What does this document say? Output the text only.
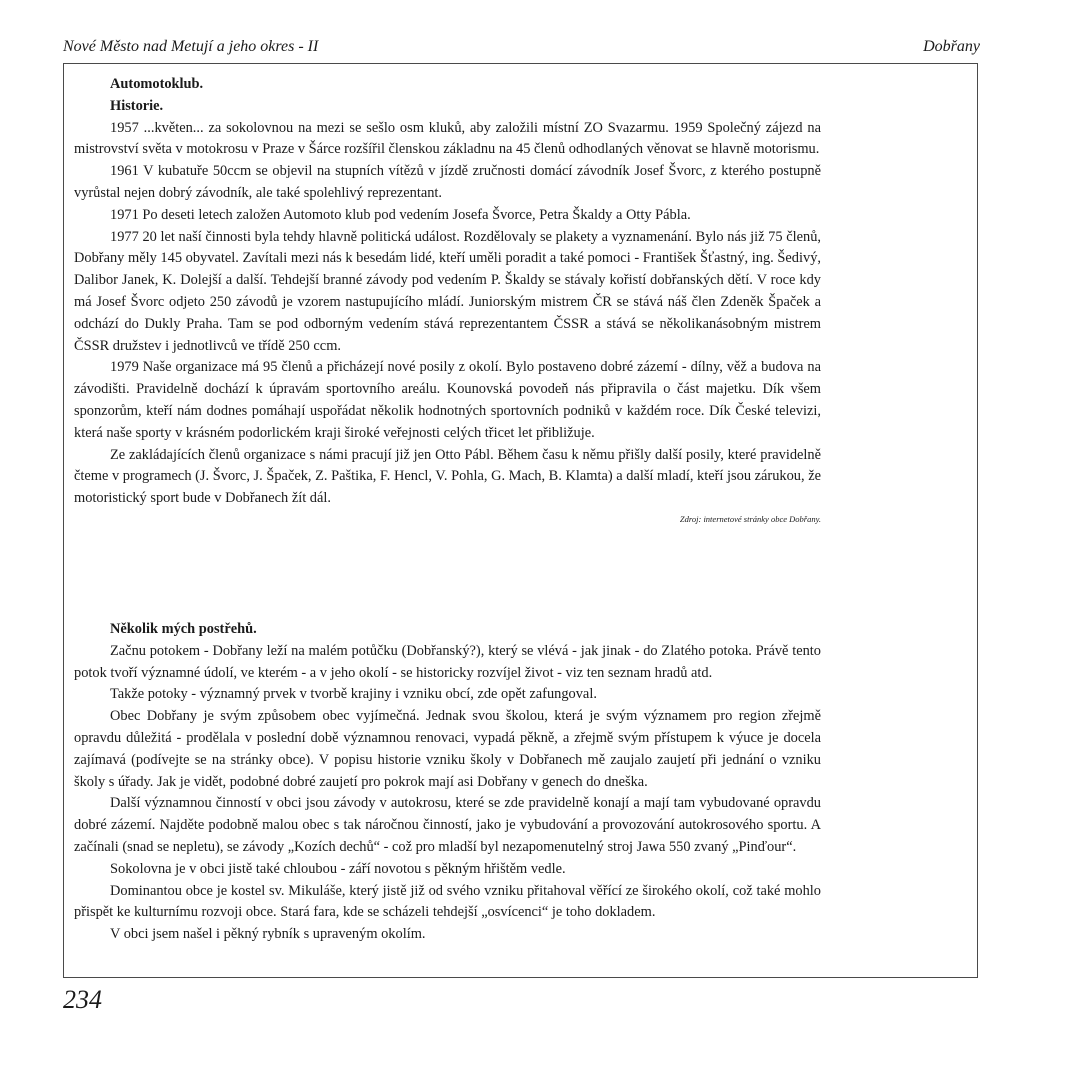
Nové Město nad Metují a jeho okres - II	Dobřany
Automotoklub.
Historie.

1957 ...květen... za sokolovnou na mezi se sešlo osm kluků, aby založili místní ZO Svazarmu. 1959 Společný zájezd na mistrovství světa v motokrosu v Praze v Šárce rozšířil členskou základnu na 45 členů odhodlaných věnovat se hlavně motorismu.

1961 V kubatuře 50ccm se objevil na stupních vítězů v jízdě zručnosti domácí závodník Josef Švorc, z kterého postupně vyrůstal nejen dobrý závodník, ale také spolehlivý reprezentant.

1971 Po deseti letech založen Automoto klub pod vedením Josefa Švorce, Petra Škaldy a Otty Pábla.

1977 20 let naší činnosti byla tehdy hlavně politická událost. Rozdělovaly se plakety a vyznamenání. Bylo nás již 75 členů, Dobřany měly 145 obyvatel. Zavítali mezi nás k besedám lidé, kteří uměli poradit a také pomoci - František Šťastný, ing. Šedivý, Dalibor Janek, K. Dolejší a další. Tehdejší branné závody pod vedením P. Škaldy se stávaly kořistí dobřanských dětí. V roce kdy má Josef Švorc odjeto 250 závodů je vzorem nastupujícího mládí. Juniorským mistrem ČR se stává náš člen Zdeněk Špaček a odchází do Dukly Praha. Tam se pod odborným vedením stává reprezentantem ČSSR a stává se několikanásobným mistrem ČSSR družstev i jednotlivců ve třídě 250 ccm.

1979 Naše organizace má 95 členů a přicházejí nové posily z okolí. Bylo postaveno dobré zázemí - dílny, věž a budova na závodišti. Pravidelně dochází k úpravám sportovního areálu. Kounovská povodeň nás připravila o část majetku. Dík všem sponzorům, kteří nám dodnes pomáhají uspořádat několik hodnotných sportovních podniků v každém roce. Dík České televizi, která naše sporty v krásném podorlickém kraji široké veřejnosti celých třicet let přibližuje.

Ze zakládajících členů organizace s námi pracují již jen Otto Pábl. Během času k němu přišly další posily, které pravidelně čteme v programech (J. Švorc, J. Špaček, Z. Paštika, F. Hencl, V. Pohla, G. Mach, B. Klamta) a další mladí, kteří jsou zárukou, že motoristický sport bude v Dobřanech žít dál.

Zdroj: internetové stránky obce Dobřany.
Několik mých postřehů.

Začnu potokem - Dobřany leží na malém potůčku (Dobřanský?), který se vlévá - jak jinak - do Zlatého potoka. Právě tento potok tvoří významné údolí, ve kterém - a v jeho okolí - se historicky rozvíjel život - viz ten seznam hradů atd.

Takže potoky - významný prvek v tvorbě krajiny i vzniku obcí, zde opět zafungoval.

Obec Dobřany je svým způsobem obec vyjímečná. Jednak svou školou, která je svým významem pro region zřejmě opravdu důležitá - prodělala v poslední době významnou renovaci, vypadá pěkně, a zřejmě svým přístupem k výuce je docela zajímavá (podívejte se na stránky obce). V popisu historie vzniku školy v Dobřanech mě zaujalo zaujetí při jednání o vzniku školy s úřady. Jak je vidět, podobné dobré zaujetí pro pokrok mají asi Dobřany v genech do dneška.

Další významnou činností v obci jsou závody v autokrosu, které se zde pravidelně konají a mají tam vybudované opravdu dobré zázemí. Najděte podobně malou obec s tak náročnou činností, jako je vybudování a provozování autokrosového sportu. A začínali (snad se nepletu), se závody „Kozích dechů“ - což pro mladší byl nezapomenutelný stroj Jawa 550 zvaný „Pinďour“.

Sokolovna je v obci jistě také chloubou - září novotou s pěkným hřištěm vedle.

Dominantou obce je kostel sv. Mikuláše, který jistě již od svého vzniku přitahoval věřící ze širokého okolí, což také mohlo přispět ke kulturnímu rozvoji obce. Stará fara, kde se scházeli tehdejší „osvícenci“ je toho dokladem.

V obci jsem našel i pěkný rybník s upraveným okolím.

234
